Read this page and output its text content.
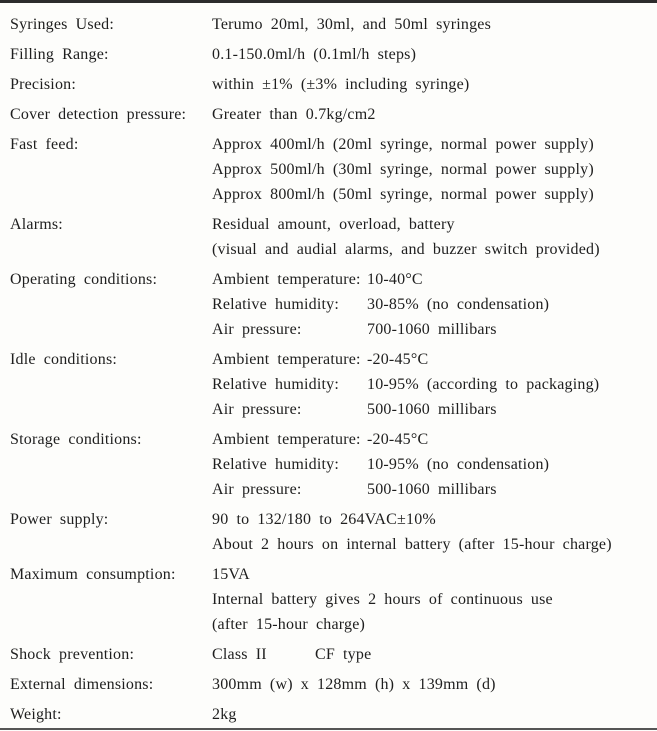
Syringes Used:	Terumo 20ml, 30ml, and 50ml syringes
Filling Range:	0.1-150.0ml/h (0.1ml/h steps)
Precision:	within ±1% (±3% including syringe)
Cover detection pressure:	Greater than 0.7kg/cm2
Fast feed:	Approx 400ml/h (20ml syringe, normal power supply)
Approx 500ml/h (30ml syringe, normal power supply)
Approx 800ml/h (50ml syringe, normal power supply)
Alarms:	Residual amount, overload, battery
(visual and audial alarms, and buzzer switch provided)
Operating conditions:	Ambient temperature: 10-40°C
Relative humidity: 30-85% (no condensation)
Air pressure:	700-1060 millibars
Idle conditions:	Ambient temperature: -20-45°C
Relative humidity: 10-95% (according to packaging)
Air pressure:	500-1060 millibars
Storage conditions:	Ambient temperature: -20-45°C
Relative humidity: 10-95% (no condensation)
Air pressure:	500-1060 millibars
Power supply:	90 to 132/180 to 264VAC±10%
About 2 hours on internal battery (after 15-hour charge)
Maximum consumption:	15VA
Internal battery gives 2 hours of continuous use
(after 15-hour charge)
Shock prevention:	Class II      CF type
External dimensions:	300mm (w) x 128mm (h) x 139mm (d)
Weight:	2kg
